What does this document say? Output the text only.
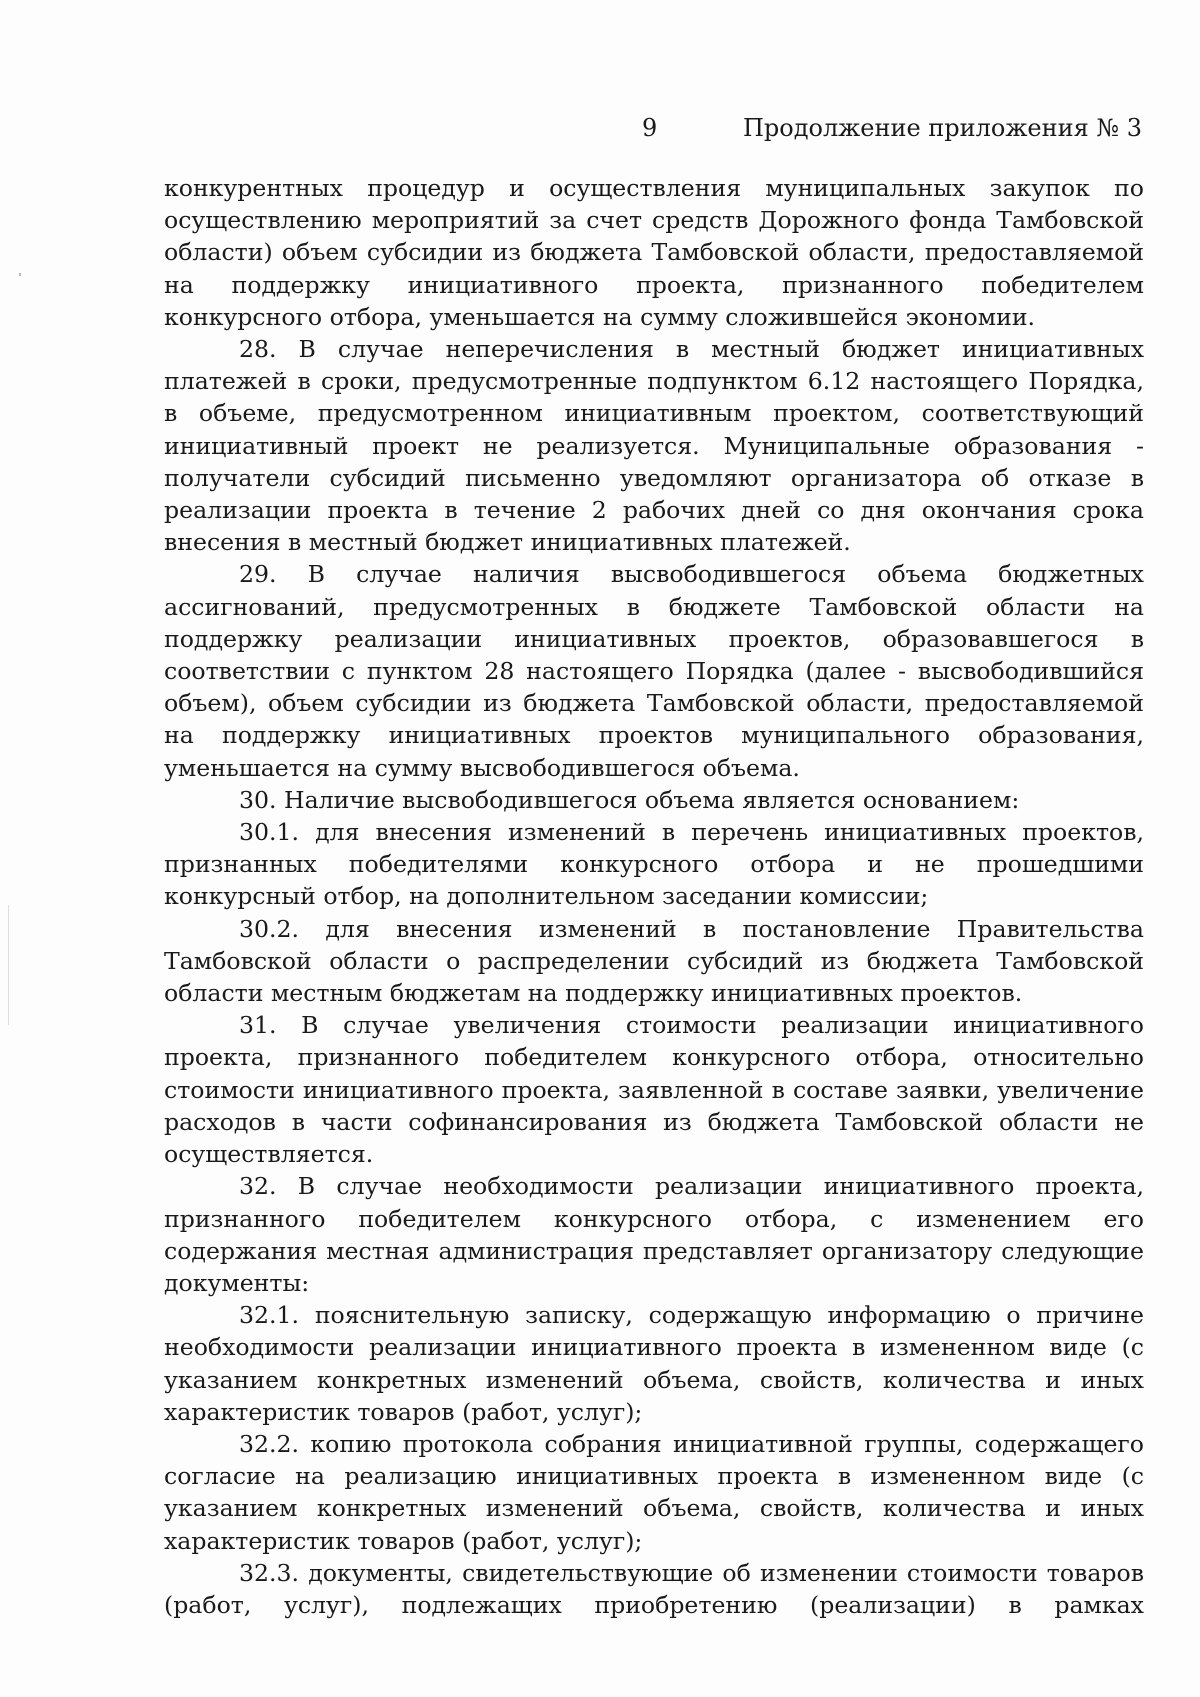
9	Продолжение приложения № 3

конкурентных процедур и осуществления муниципальных закупок по осуществлению мероприятий за счет средств Дорожного фонда Тамбовской области) объем субсидии из бюджета Тамбовской области, предоставляемой на поддержку инициативного проекта, признанного победителем конкурсного отбора, уменьшается на сумму сложившейся экономии.

28. В случае неперечисления в местный бюджет инициативных платежей в сроки, предусмотренные подпунктом 6.12 настоящего Порядка, в объеме, предусмотренном инициативным проектом, соответствующий инициативный проект не реализуется. Муниципальные образования - получатели субсидий письменно уведомляют организатора об отказе в реализации проекта в течение 2 рабочих дней со дня окончания срока внесения в местный бюджет инициативных платежей.

29. В случае наличия высвободившегося объема бюджетных ассигнований, предусмотренных в бюджете Тамбовской области на поддержку реализации инициативных проектов, образовавшегося в соответствии с пунктом 28 настоящего Порядка (далее - высвободившийся объем), объем субсидии из бюджета Тамбовской области, предоставляемой на поддержку инициативных проектов муниципального образования, уменьшается на сумму высвободившегося объема.

30. Наличие высвободившегося объема является основанием:

30.1. для внесения изменений в перечень инициативных проектов, признанных победителями конкурсного отбора и не прошедшими конкурсный отбор, на дополнительном заседании комиссии;

30.2. для внесения изменений в постановление Правительства Тамбовской области о распределении субсидий из бюджета Тамбовской области местным бюджетам на поддержку инициативных проектов.

31. В случае увеличения стоимости реализации инициативного проекта, признанного победителем конкурсного отбора, относительно стоимости инициативного проекта, заявленной в составе заявки, увеличение расходов в части софинансирования из бюджета Тамбовской области не осуществляется.

32. В случае необходимости реализации инициативного проекта, признанного победителем конкурсного отбора, с изменением его содержания местная администрация представляет организатору следующие документы:

32.1. пояснительную записку, содержащую информацию о причине необходимости реализации инициативного проекта в измененном виде (с указанием конкретных изменений объема, свойств, количества и иных характеристик товаров (работ, услуг);

32.2. копию протокола собрания инициативной группы, содержащего согласие на реализацию инициативных проекта в измененном виде (с указанием конкретных изменений объема, свойств, количества и иных характеристик товаров (работ, услуг);

32.3. документы, свидетельствующие об изменении стоимости товаров (работ, услуг), подлежащих приобретению (реализации) в рамках
